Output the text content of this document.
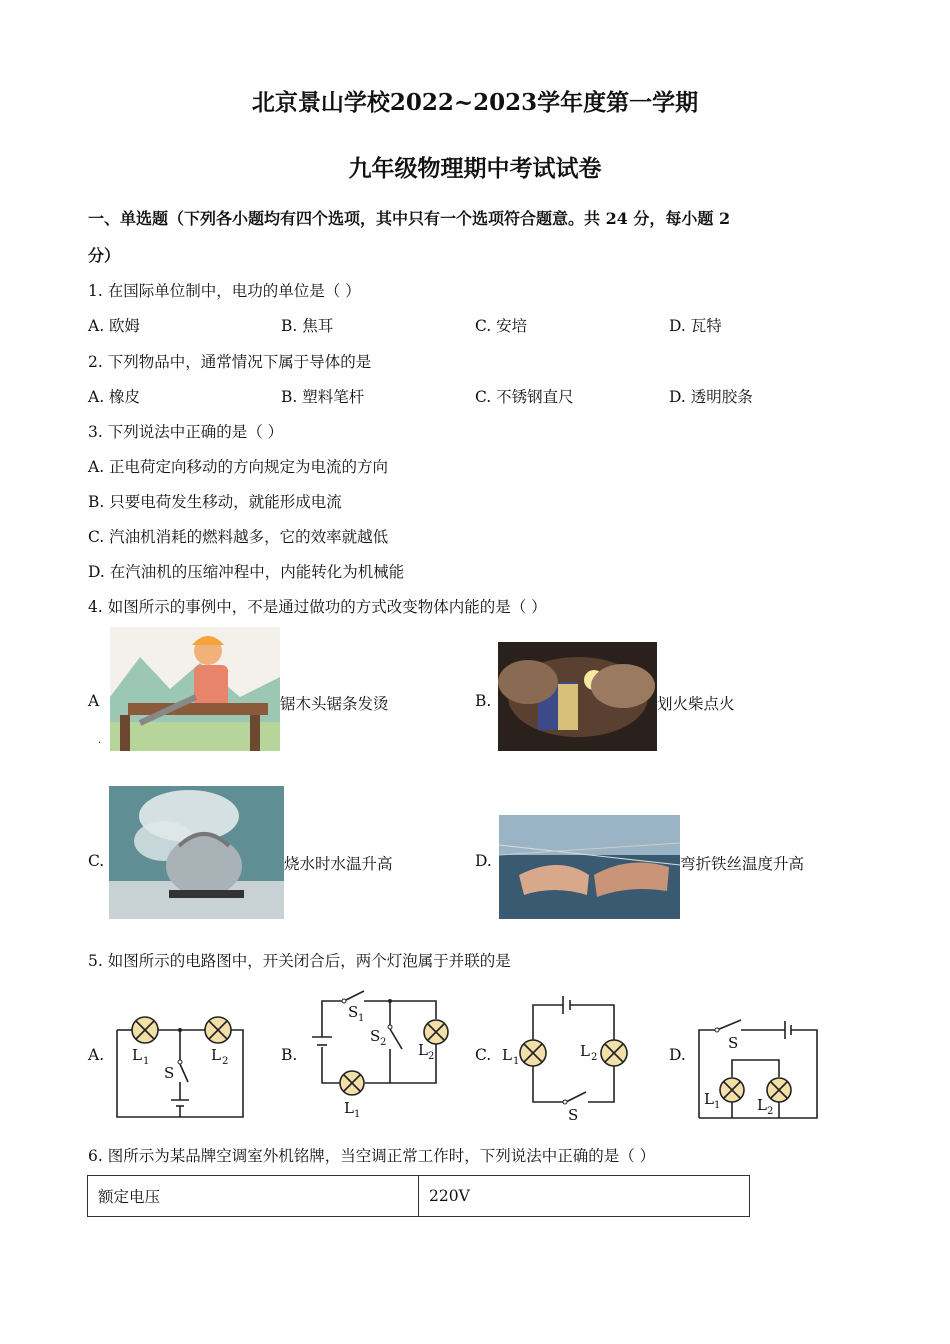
北京景山学校2022~2023学年度第一学期
九年级物理期中考试试卷
一、单选题（下列各小题均有四个选项，其中只有一个选项符合题意。共 24 分，每小题 2
分）
1. 在国际单位制中，电功的单位是（ ）
A. 欧姆	B. 焦耳	C. 安培	D. 瓦特
2. 下列物品中，通常情况下属于导体的是
A. 橡皮	B. 塑料笔杆	C. 不锈钢直尺	D. 透明胶条
3. 下列说法中正确的是（ ）
A. 正电荷定向移动的方向规定为电流的方向
B. 只要电荷发生移动，就能形成电流
C. 汽油机消耗的燃料越多，它的效率就越低
D. 在汽油机的压缩冲程中，内能转化为机械能
4. 如图所示的事例中，不是通过做功的方式改变物体内能的是（ ）
A
·
锯木头锯条发烫	B.	划火柴点火
C.	烧水时水温升高	D.	弯折铁丝温度升高
5. 如图所示的电路图中，开关闭合后，两个灯泡属于并联的是
A.	B.	C.	D.
L 1	L 2
S
S 1
S 2 L 2
L 1
L 1
L 2
S
S
L 1 L 2
6. 图所示为某品牌空调室外机铭牌，当空调正常工作时，下列说法中正确的是（ ）
额定电压	220V
